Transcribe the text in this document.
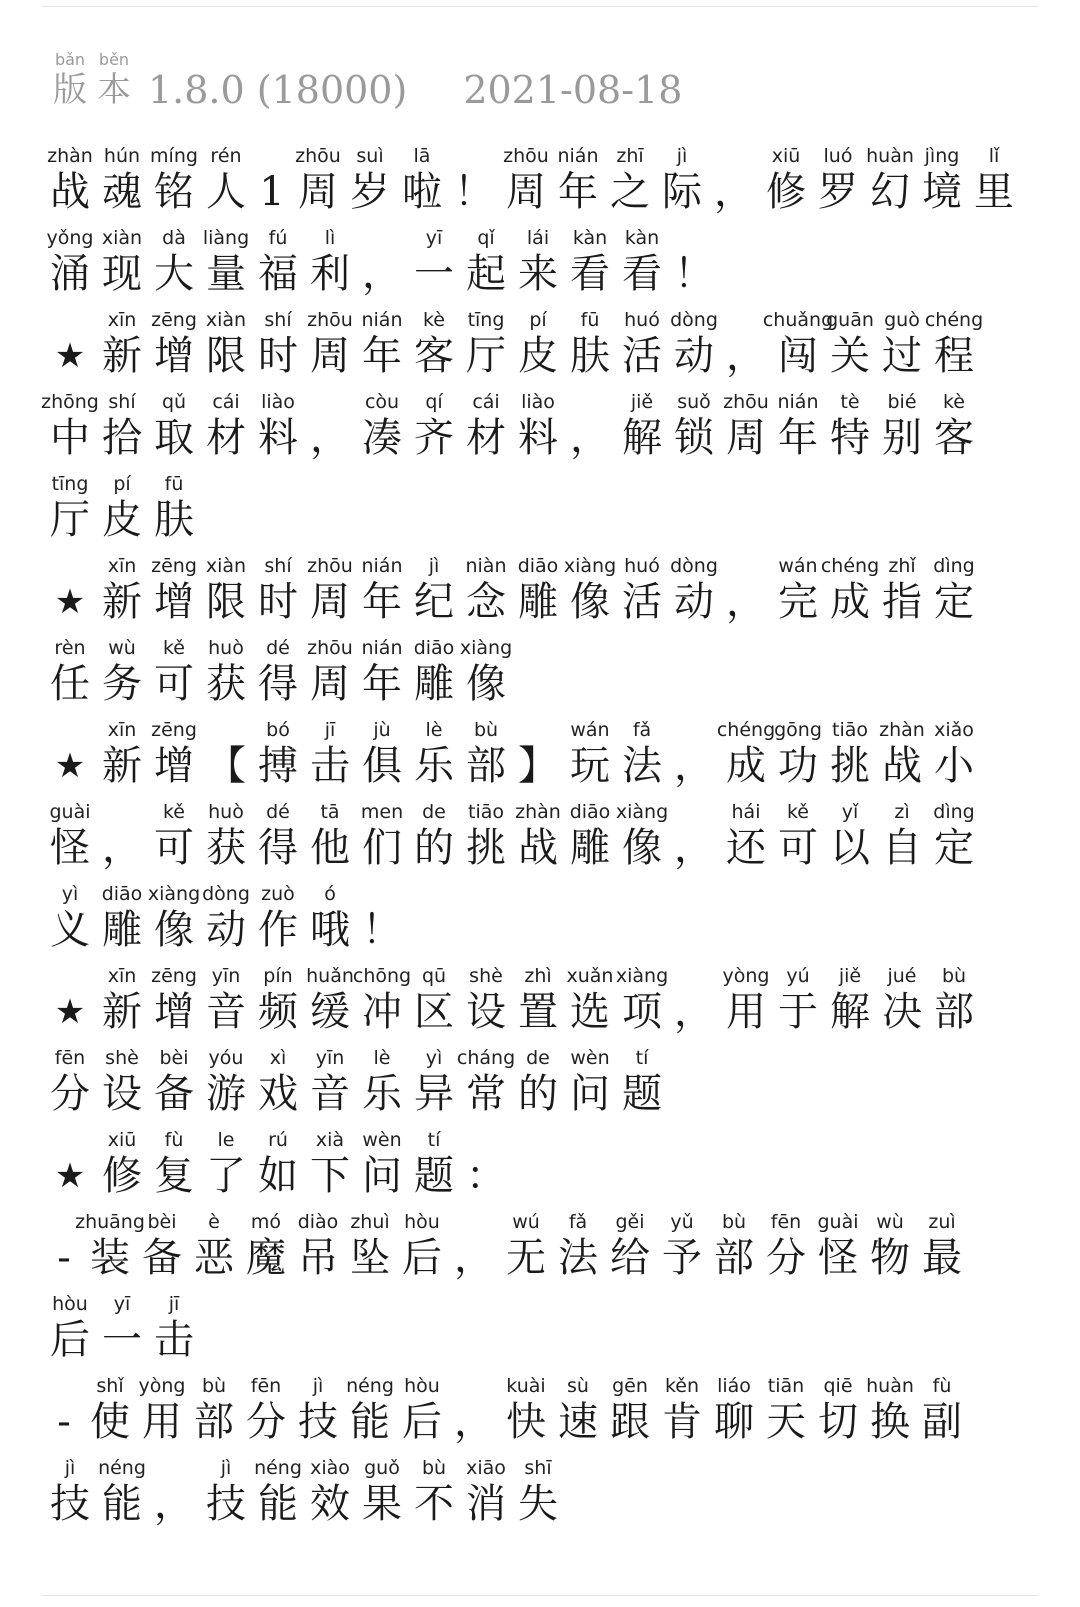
bǎn
版
běn
本 1.8.0 (18000) 2021-08-18
zhàn
战
hún
魂
míng
铭
rén
人 1
zhōu
周
suì
岁
lā
啦 ！
zhōu
周
nián
年
zhī
之
jì
际 ，
xiū
修
luó
罗
huàn
幻
jìng
境
lǐ
里
yǒng
涌
xiàn
现
dà
大
liàng
量
fú
福
lì
利 ，
yī
一
qǐ
起
lái
来
kàn
看
kàn
看 ！
★
xīn
新
zēng
增
xiàn
限
shí
时
zhōu
周
nián
年
kè
客
tīng
厅
pí
皮
fū
肤
huó
活
dòng
动 ，
chuǎng
闯
guān
关
guò
过
chéng
程
zhōng
中
shí
拾
qǔ
取
cái
材
liào
料 ，
còu
凑
qí
齐
cái
材
liào
料 ，
jiě
解
suǒ
锁
zhōu
周
nián
年
tè
特
bié
别
kè
客
tīng
厅
pí
皮
fū
肤
★
xīn
新
zēng
增
xiàn
限
shí
时
zhōu
周
nián
年
jì
纪
niàn
念
diāo
雕
xiàng
像
huó
活
dòng
动 ，
wán
完
chéng
成
zhǐ
指
dìng
定
rèn
任
wù
务
kě
可
huò
获
dé
得
zhōu
周
nián
年
diāo
雕
xiàng
像
★
xīn
新
zēng
增 【
bó
搏
jī
击
jù
俱
lè
乐
bù
部 】
wán
玩
fǎ
法 ，
chéng
成
gōng
功
tiāo
挑
zhàn
战
xiǎo
小
guài
怪 ，
kě
可
huò
获
dé
得
tā
他
men
们
de
的
tiāo
挑
zhàn
战
diāo
雕
xiàng
像 ，
hái
还
kě
可
yǐ
以
zì
自
dìng
定
yì
义
diāo
雕
xiàng
像
dòng
动
zuò
作
ó
哦 ！
★
xīn
新
zēng
增
yīn
音
pín
频
huǎn
缓
chōng
冲
qū
区
shè
设
zhì
置
xuǎn
选
xiàng
项 ，
yòng
用
yú
于
jiě
解
jué
决
bù
部
fēn
分
shè
设
bèi
备
yóu
游
xì
戏
yīn
音
lè
乐
yì
异
cháng
常
de
的
wèn
问
tí
题
★
xiū
修
fù
复
le
了
rú
如
xià
下
wèn
问
tí
题 ：
-
zhuāng
装
bèi
备
è
恶
mó
魔
diào
吊
zhuì
坠
hòu
后 ，
wú
无
fǎ
法
gěi
给
yǔ
予
bù
部
fēn
分
guài
怪
wù
物
zuì
最
hòu
后
yī
一
jī
击
-
shǐ
使
yòng
用
bù
部
fēn
分
jì
技
néng
能
hòu
后 ，
kuài
快
sù
速
gēn
跟
kěn
肯
liáo
聊
tiān
天
qiē
切
huàn
换
fù
副
jì
技
néng
能 ，
jì
技
néng
能
xiào
效
guǒ
果
bù
不
xiāo
消
shī
失
